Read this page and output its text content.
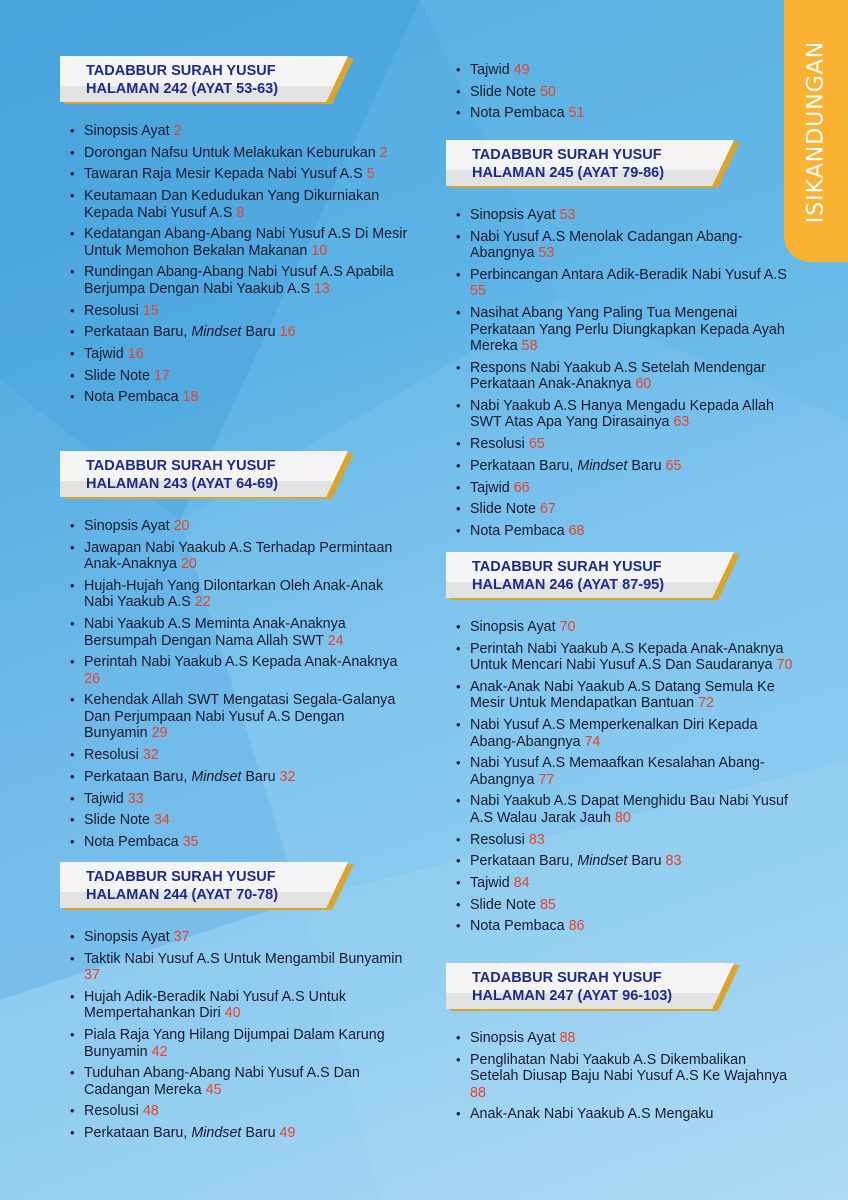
ISIKANDUNGAN
TADABBUR SURAH YUSUF
HALAMAN 242 (AYAT 53-63)
• Sinopsis Ayat 2
• Dorongan Nafsu Untuk Melakukan Keburukan 2
• Tawaran Raja Mesir Kepada Nabi Yusuf A.S 5
• Keutamaan Dan Kedudukan Yang Dikurniakan Kepada Nabi Yusuf A.S 8
• Kedatangan Abang-Abang Nabi Yusuf A.S Di Mesir Untuk Memohon Bekalan Makanan 10
• Rundingan Abang-Abang Nabi Yusuf A.S Apabila Berjumpa Dengan Nabi Yaakub A.S 13
• Resolusi 15
• Perkataan Baru, Mindset Baru 16
• Tajwid 16
• Slide Note 17
• Nota Pembaca 18
TADABBUR SURAH YUSUF
HALAMAN 243 (AYAT 64-69)
• Sinopsis Ayat 20
• Jawapan Nabi Yaakub A.S Terhadap Permintaan Anak-Anaknya 20
• Hujah-Hujah Yang Dilontarkan Oleh Anak-Anak Nabi Yaakub A.S 22
• Nabi Yaakub A.S Meminta Anak-Anaknya Bersumpah Dengan Nama Allah SWT 24
• Perintah Nabi Yaakub A.S Kepada Anak-Anaknya 26
• Kehendak Allah SWT Mengatasi Segala-Galanya Dan Perjumpaan Nabi Yusuf A.S Dengan Bunyamin 29
• Resolusi 32
• Perkataan Baru, Mindset Baru 32
• Tajwid 33
• Slide Note 34
• Nota Pembaca 35
TADABBUR SURAH YUSUF
HALAMAN 244 (AYAT 70-78)
• Sinopsis Ayat 37
• Taktik Nabi Yusuf A.S Untuk Mengambil Bunyamin 37
• Hujah Adik-Beradik Nabi Yusuf A.S Untuk Mempertahankan Diri 40
• Piala Raja Yang Hilang Dijumpai Dalam Karung Bunyamin 42
• Tuduhan Abang-Abang Nabi Yusuf A.S Dan Cadangan Mereka 45
• Resolusi 48
• Perkataan Baru, Mindset Baru 49
• Tajwid 49
• Slide Note 50
• Nota Pembaca 51
TADABBUR SURAH YUSUF
HALAMAN 245 (AYAT 79-86)
• Sinopsis Ayat 53
• Nabi Yusuf A.S Menolak Cadangan Abang-Abangnya 53
• Perbincangan Antara Adik-Beradik Nabi Yusuf A.S 55
• Nasihat Abang Yang Paling Tua Mengenai Perkataan Yang Perlu Diungkapkan Kepada Ayah Mereka 58
• Respons Nabi Yaakub A.S Setelah Mendengar Perkataan Anak-Anaknya 60
• Nabi Yaakub A.S Hanya Mengadu Kepada Allah SWT Atas Apa Yang Dirasainya 63
• Resolusi 65
• Perkataan Baru, Mindset Baru 65
• Tajwid 66
• Slide Note 67
• Nota Pembaca 68
TADABBUR SURAH YUSUF
HALAMAN 246 (AYAT 87-95)
• Sinopsis Ayat 70
• Perintah Nabi Yaakub A.S Kepada Anak-Anaknya Untuk Mencari Nabi Yusuf A.S Dan Saudaranya 70
• Anak-Anak Nabi Yaakub A.S Datang Semula Ke Mesir Untuk Mendapatkan Bantuan 72
• Nabi Yusuf A.S Memperkenalkan Diri Kepada Abang-Abangnya 74
• Nabi Yusuf A.S Memaafkan Kesalahan Abang-Abangnya 77
• Nabi Yaakub A.S Dapat Menghidu Bau Nabi Yusuf A.S Walau Jarak Jauh 80
• Resolusi 83
• Perkataan Baru, Mindset Baru 83
• Tajwid 84
• Slide Note 85
• Nota Pembaca 86
TADABBUR SURAH YUSUF
HALAMAN 247 (AYAT 96-103)
• Sinopsis Ayat 88
• Penglihatan Nabi Yaakub A.S Dikembalikan Setelah Diusap Baju Nabi Yusuf A.S Ke Wajahnya 88
• Anak-Anak Nabi Yaakub A.S Mengaku
